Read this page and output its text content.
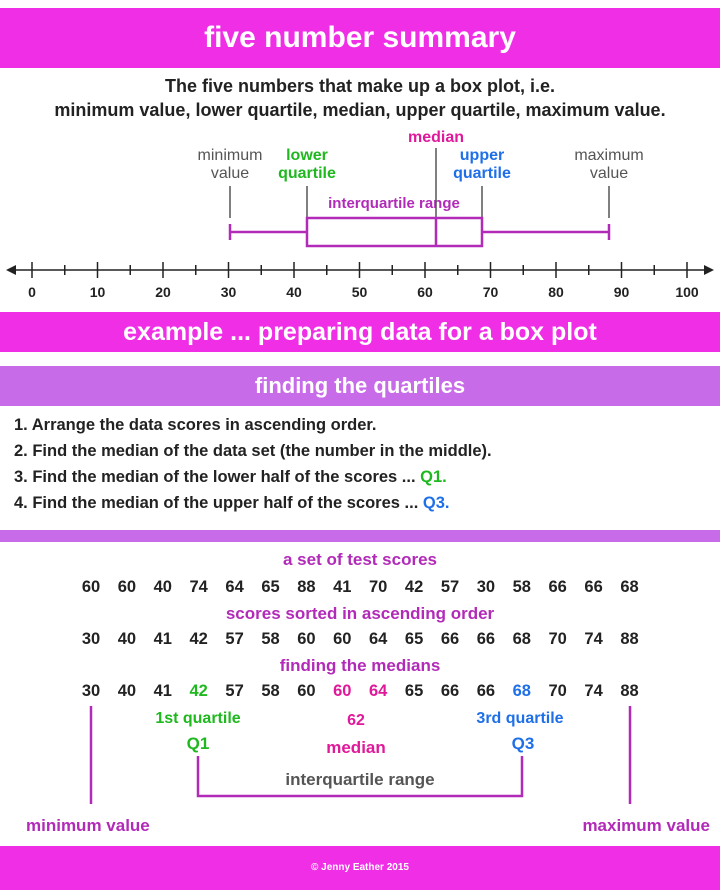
five number summary
The five numbers that make up a box plot, i.e.
minimum value, lower quartile, median, upper quartile, maximum value.
minimum
value
lower
quartile
median
upper
quartile
maximum
value
interquartile range
0	10	20	30	40	50	60	70	80	90	100
example ... preparing data for a box plot
finding the quartiles
1. Arrange the data scores in ascending order.
2. Find the median of the data set (the number in the middle).
3. Find the median of the lower half of the scores ... Q1.
4. Find the median of the upper half of the scores ... Q3.
a set of test scores
60	60	40	74	64	65	88	41	70	42	57	30	58	66	66	68
scores sorted in ascending order
30	40	41	42	57	58	60	60	64	65	66	66	68	70	74	88
finding the medians
30	40	41	42	57	58	60	60	64	65	66	66	68	70	74	88
1st quartile
Q1
62
median
3rd quartile
Q3
interquartile range
minimum value	maximum value
© Jenny Eather 2015
